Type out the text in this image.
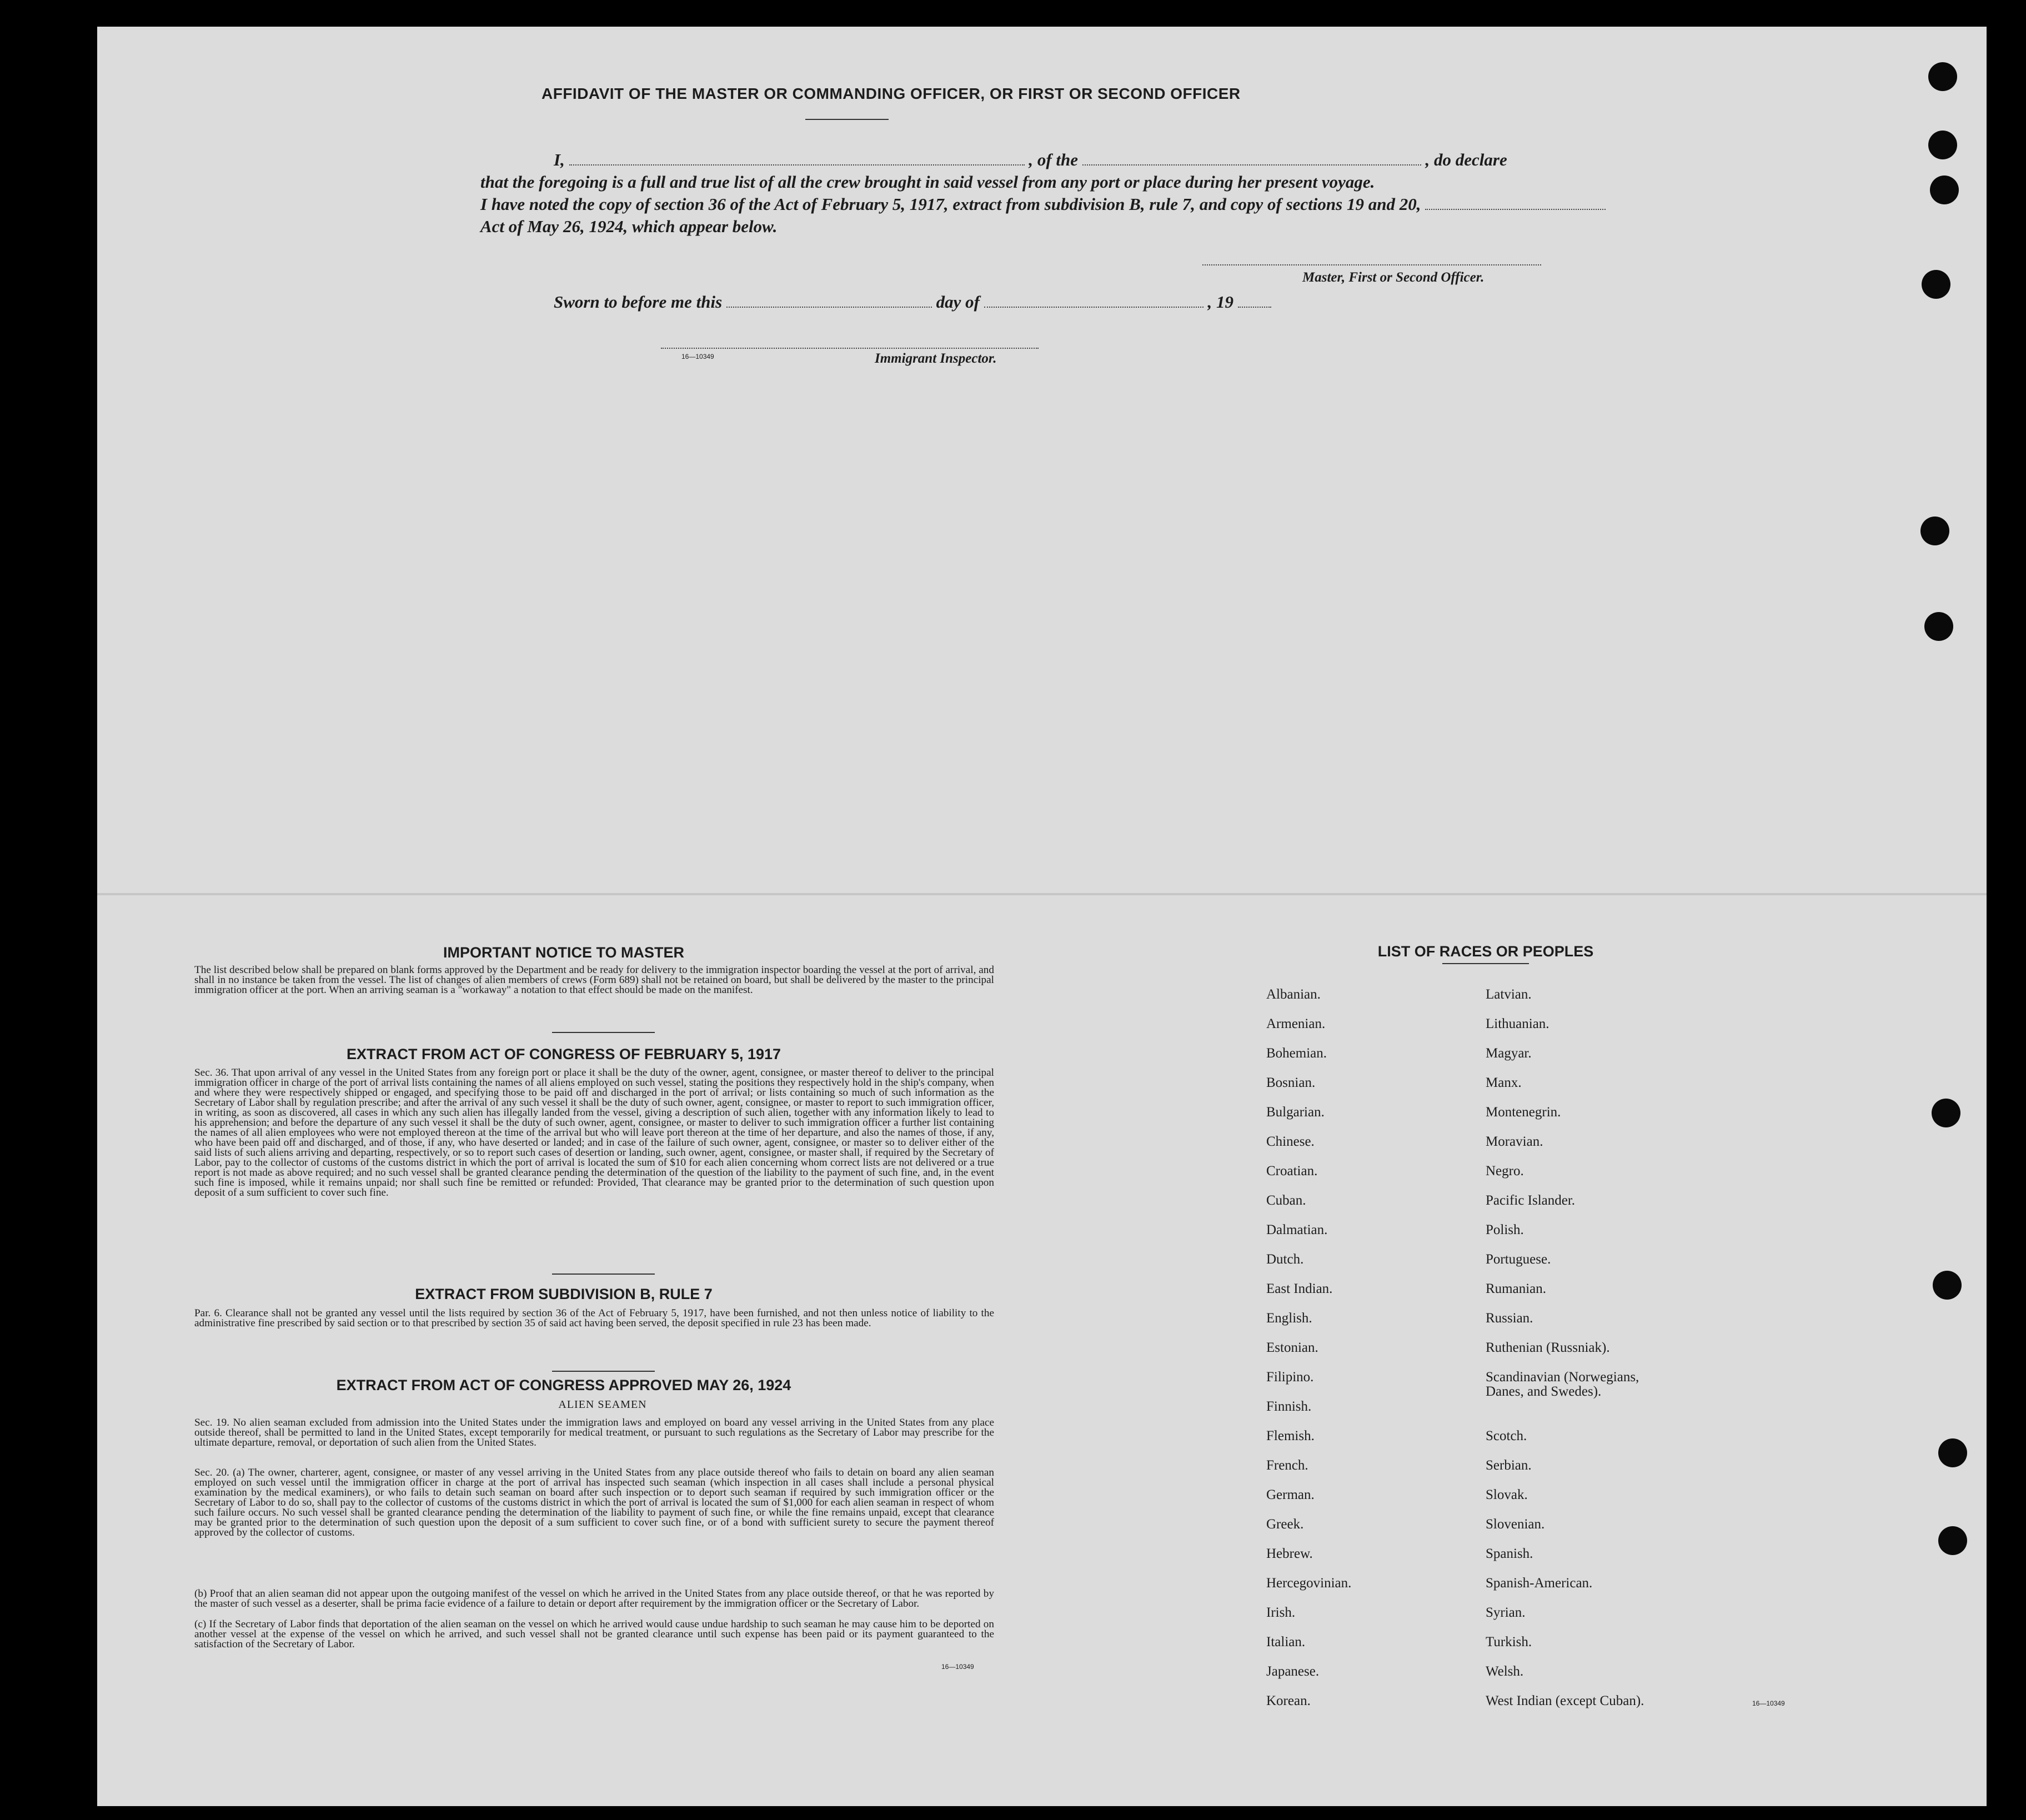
AFFIDAVIT OF THE MASTER OR COMMANDING OFFICER, OR FIRST OR SECOND OFFICER
I,	, of the	, do declare
that the foregoing is a full and true list of all the crew brought in said vessel from any port or place during her present voyage.
I have noted the copy of section 36 of the Act of February 5, 1917, extract from subdivision B, rule 7, and copy of sections 19 and 20,
Act of May 26, 1924, which appear below.
Master, First or Second Officer.
Sworn to before me this	day of	, 19
16—10349	Immigrant Inspector.
IMPORTANT NOTICE TO MASTER
The list described below shall be prepared on blank forms approved by the Department and be ready for delivery to the immigration inspector boarding the vessel at the port of arrival, and shall in no instance be taken from the vessel. The list of changes of alien members of crews (Form 689) shall not be retained on board, but shall be delivered by the master to the principal immigration officer at the port. When an arriving seaman is a "workaway" a notation to that effect should be made on the manifest.
EXTRACT FROM ACT OF CONGRESS OF FEBRUARY 5, 1917
Sec. 36. That upon arrival of any vessel in the United States from any foreign port or place it shall be the duty of the owner, agent, consignee, or master thereof to deliver to the principal immigration officer in charge of the port of arrival lists containing the names of all aliens employed on such vessel, stating the positions they respectively hold in the ship's company, when and where they were respectively shipped or engaged, and specifying those to be paid off and discharged in the port of arrival; or lists containing so much of such information as the Secretary of Labor shall by regulation prescribe; and after the arrival of any such vessel it shall be the duty of such owner, agent, consignee, or master to report to such immigration officer, in writing, as soon as discovered, all cases in which any such alien has illegally landed from the vessel, giving a description of such alien, together with any information likely to lead to his apprehension; and before the departure of any such vessel it shall be the duty of such owner, agent, consignee, or master to deliver to such immigration officer a further list containing the names of all alien employees who were not employed thereon at the time of the arrival but who will leave port thereon at the time of her departure, and also the names of those, if any, who have been paid off and discharged, and of those, if any, who have deserted or landed; and in case of the failure of such owner, agent, consignee, or master so to deliver either of the said lists of such aliens arriving and departing, respectively, or so to report such cases of desertion or landing, such owner, agent, consignee, or master shall, if required by the Secretary of Labor, pay to the collector of customs of the customs district in which the port of arrival is located the sum of $10 for each alien concerning whom correct lists are not delivered or a true report is not made as above required; and no such vessel shall be granted clearance pending the determination of the question of the liability to the payment of such fine, and, in the event such fine is imposed, while it remains unpaid; nor shall such fine be remitted or refunded: Provided, That clearance may be granted prior to the determination of such question upon deposit of a sum sufficient to cover such fine.
EXTRACT FROM SUBDIVISION B, RULE 7
Par. 6. Clearance shall not be granted any vessel until the lists required by section 36 of the Act of February 5, 1917, have been furnished, and not then unless notice of liability to the administrative fine prescribed by said section or to that prescribed by section 35 of said act having been served, the deposit specified in rule 23 has been made.
EXTRACT FROM ACT OF CONGRESS APPROVED MAY 26, 1924
ALIEN SEAMEN
Sec. 19. No alien seaman excluded from admission into the United States under the immigration laws and employed on board any vessel arriving in the United States from any place outside thereof, shall be permitted to land in the United States, except temporarily for medical treatment, or pursuant to such regulations as the Secretary of Labor may prescribe for the ultimate departure, removal, or deportation of such alien from the United States.
Sec. 20. (a) The owner, charterer, agent, consignee, or master of any vessel arriving in the United States from any place outside thereof who fails to detain on board any alien seaman employed on such vessel until the immigration officer in charge at the port of arrival has inspected such seaman (which inspection in all cases shall include a personal physical examination by the medical examiners), or who fails to detain such seaman on board after such inspection or to deport such seaman if required by such immigration officer or the Secretary of Labor to do so, shall pay to the collector of customs of the customs district in which the port of arrival is located the sum of $1,000 for each alien seaman in respect of whom such failure occurs. No such vessel shall be granted clearance pending the determination of the liability to payment of such fine, or while the fine remains unpaid, except that clearance may be granted prior to the determination of such question upon the deposit of a sum sufficient to cover such fine, or of a bond with sufficient surety to secure the payment thereof approved by the collector of customs.
(b) Proof that an alien seaman did not appear upon the outgoing manifest of the vessel on which he arrived in the United States from any place outside thereof, or that he was reported by the master of such vessel as a deserter, shall be prima facie evidence of a failure to detain or deport after requirement by the immigration officer or the Secretary of Labor.
(c) If the Secretary of Labor finds that deportation of the alien seaman on the vessel on which he arrived would cause undue hardship to such seaman he may cause him to be deported on another vessel at the expense of the vessel on which he arrived, and such vessel shall not be granted clearance until such expense has been paid or its payment guaranteed to the satisfaction of the Secretary of Labor.
16—10349
LIST OF RACES OR PEOPLES
Albanian.
Armenian.
Bohemian.
Bosnian.
Bulgarian.
Chinese.
Croatian.
Cuban.
Dalmatian.
Dutch.
East Indian.
English.
Estonian.
Filipino.
Finnish.
Flemish.
French.
German.
Greek.
Hebrew.
Hercegovinian.
Irish.
Italian.
Japanese.
Korean.
Latvian.
Lithuanian.
Magyar.
Manx.
Montenegrin.
Moravian.
Negro.
Pacific Islander.
Polish.
Portuguese.
Rumanian.
Russian.
Ruthenian (Russniak).
Scandinavian (Norwegians, Danes, and Swedes).
Scotch.
Serbian.
Slovak.
Slovenian.
Spanish.
Spanish-American.
Syrian.
Turkish.
Welsh.
West Indian (except Cuban).	16—10349
